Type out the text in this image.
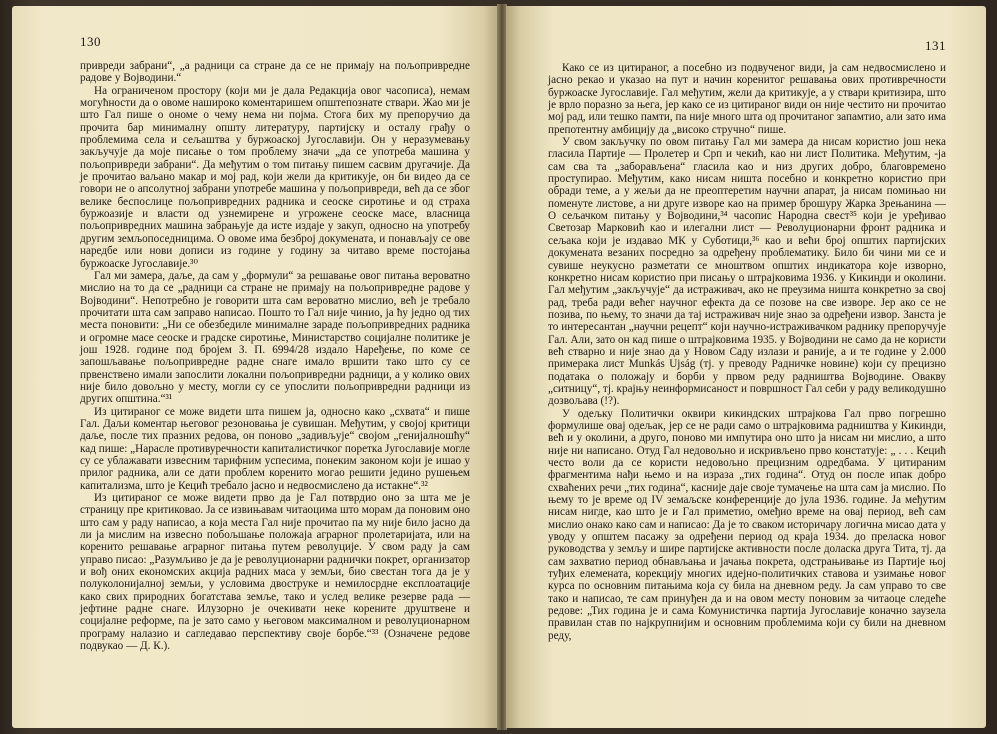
130

привреди забрани“, „а радници са стране да се не примају на пољопривредне радове у Војводини.“

На ограниченом простору (који ми је дала Редакција овог часописа), немам могућности да о овоме нашироко коментаришем општепознате ствари. Жао ми је што Гал пише о ономе о чему нема ни појма. Стога бих му препоручио да прочита бар минималну општу литературу, партијску и осталу грађу о проблемима села и сељаштва у буржоаској Југославији. Он у неразумевању закључује да моје писање о том проблему значи „да се употреба машина у пољопривреди забрани“. Да међутим о том питању пишем сасвим другачије. Да је прочитао ваљано макар и мој рад, који жели да критикује, он би видео да се говори не о апсолутној забрани употребе машина у пољопривреди, већ да се због велике беспослице пољопривредних радника и сеоске сиротиње и од страха буржоазије и власти од узнемирене и угрожене сеоске масе, власница пољопривредних машина забрањује да исте издаје у закуп, односно на употребу другим земљопоседницима. О овоме има безброј докумената, и понављају се ове наредбе или нови дописи из године у годину за читаво време постојања буржоаске Југославије.³⁰

Гал ми замера, даље, да сам у „формули“ за решавање овог питања вероватно мислио на то да се „радници са стране не примају на пољопривредне радове у Војводини“. Непотребно је говорити шта сам вероватно мислио, већ је требало прочитати шта сам заправо написао. Пошто то Гал није чинио, ја ћу једно од тих места поновити: „Ни се обезбедиле минималне зараде пољопривредних радника и огромне масе сеоске и градске сиротиње, Министарство социјалне политике је још 1928. године под бројем З. П. 6994/28 издало Наређење, по коме се запошљавање пољопривредне радне снаге имало вршити тако што су се првенствено имали запослити локални пољопривредни радници, а у колико ових није било довољно у месту, могли су се упослити пољопривредни радници из других општина.“³¹

Из цитираног се може видети шта пишем ја, односно како „схвата“ и пише Гал. Даљи коментар његовог резоновања је сувишан. Међутим, у својој критици даље, после тих празних редова, он поново „задивљује“ својом „генијалношћу“ кад пише: „Нарасле противуречности капиталистичког поретка Југославије могле су се ублажавати извесним тарифним успесима, понеким законом који је ишао у прилог радника, али се дати проблем коренито могао решити једино рушењем капитализма, што је Кецић требало јасно и недвосмислено да истакне“.³²

Из цитираног се може видети прво да је Гал потврдио оно за шта ме је страницу пре критиковао. Ја се извињавам читаоцима што морам да поновим оно што сам у раду написао, а која места Гал није прочитао па му није било јасно да ли ја мислим на извесно побољшање положаја аграрног пролетаријата, или на коренито решавање аграрног питања путем револуције. У свом раду ја сам управо писао: „Разумљиво је да је револуционарни раднички покрет, организатор и вођ оних економских акција радних маса у земљи, био свестан тога да је у полуколонијалној земљи, у условима двоструке и немилосрдне експлоатације како свих природних богатстава земље, тако и услед велике резерве рада — јефтине радне снаге. Илузорно је очекивати неке корените друштвене и социјалне реформе, па је зато само у његовом максималном и револуционарном програму налазио и сагледавао перспективу своје борбе.“³³ (Означене редове подвукао — Д. К.).

131

Како се из цитираног, а посебно из подвученог види, ја сам недвосмислено и јасно рекао и указао на пут и начин коренитог решавања ових противречности буржоаске Југославије. Гал међутим, жели да критикује, а у ствари критизира, што је врло поразно за њега, јер како се из цитираног види он није честито ни прочитао мој рад, или тешко памти, па није много шта од прочитаног запамтио, али зато има препотентну амбицију да „високо стручно“ пише.

У свом закључку по овом питању Гал ми замера да нисам користио још нека гласила Партије — Пролетер и Срп и чекић, као ни лист Политика. Међутим, -ја сам сва та „заборављена“ гласила као и низ других добро, благовремено проступирао. Међутим, како нисам ништа посебно и конкретно користио при обради теме, а у жељи да не преоптеретим научни апарат, ја нисам помињао ни поменуте листове, а ни друге изворе као на пример брошуру Жарка Зрењанина — О сељачком питању у Војводини,³⁴ часопис Народна свест³⁵ који је уређивао Светозар Марковић као и илегални лист — Револуционарни фронт радника и сељака који је издавао МК у Суботици,³⁶ као и већи број општих партијских докумената везаних посредно за одређену проблематику. Било би чини ми се и сувише неукусно разметати се мноштвом општих индикатора које изворно, конкретно нисам користио при писању о штрајковима 1936. у Кикинди и околини. Гал међутим „закључује“ да истраживач, ако не преузима ништа конкретно за свој рад, треба ради већег научног ефекта да се позове на све изворе. Јер ако се не позива, по њему, то значи да тај истраживач није знао за одређени извор. Занста је то интересантан „научни рецепт“ који научно-истраживачком раднику препоручује Гал. Али, зато он кад пише о штрајковима 1935. у Војводини не само да не користи већ стварно и није знао да у Новом Саду излази и раније, а и те године у 2.000 примерака лист Munkás Ujság (тј. у преводу Радничке новине) који су прецизно података о положају и борби у првом реду радништва Војводине. Овакву „ситницу“, тј. крајњу неинформисаност и површност Гал себи у раду великодушно дозвољава (!?).

У одељку Политички оквири кикиндских штрајкова Гал прво погрешно формулише овај одељак, јер се не ради само о штрајковима радништва у Кикинди, већ и у околини, а друго, поново ми импутира оно што ја нисам ни мислио, а што није ни написано. Отуд Гал недовољно и искривљено прво констатује: „ . . . Кецић често воли да се користи недовољно прецизним одредбама. У цитираним фрагментима нађи њемо и на израза „тих година“. Отуд он после ипак добро схваћених речи „тих година“, касније даје своје тумачење на шта сам ја мислио. По њему то је време од IV земаљске конференције до јула 1936. године. Ја међутим нисам нигде, као што је и Гал приметио, омеђио време на овај период, већ сам мислио онако како сам и написао: Да је то сваком историчару логична мисао дата у уводу у општем пасажу за одређени период од краја 1934. до преласка новог руководства у земљу и шире партијске активности после доласка друга Тита, тј. да сам захватио период обнављања и јачања покрета, одстрањивање из Партије њој туђих елемената, корекцију многих идејно-политичких ставова и узимање новог курса по основним питањима која су била на дневном реду. Ја сам управо то све тако и написао, те сам принуђен да и на овом месту поновим за читаоце следеће редове: „Тих година је и сама Комунистичка партија Југославије коначно заузела правилан став по најкрупнијим и основним проблемима који су били на дневном реду,
